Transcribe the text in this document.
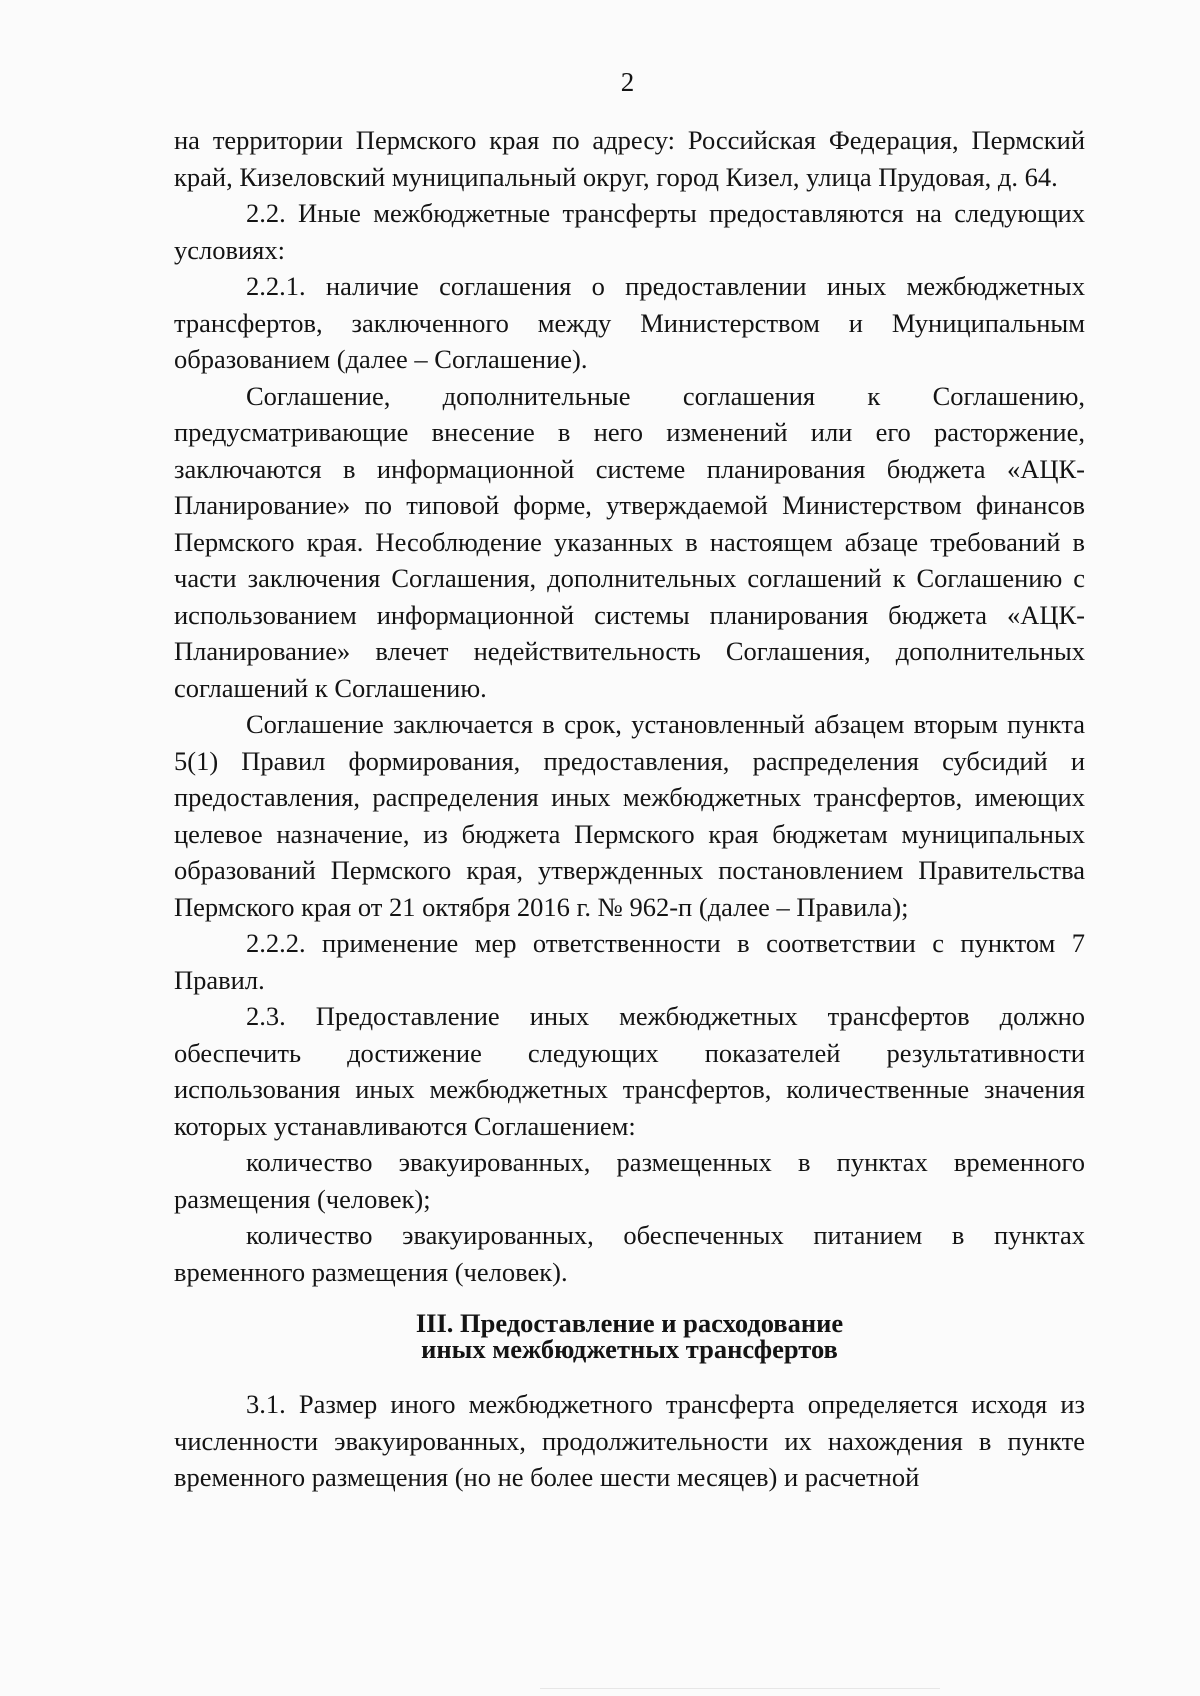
2

на территории Пермского края по адресу: Российская Федерация, Пермский край, Кизеловский муниципальный округ, город Кизел, улица Прудовая, д. 64.

2.2. Иные межбюджетные трансферты предоставляются на следующих условиях:

2.2.1. наличие соглашения о предоставлении иных межбюджетных трансфертов, заключенного между Министерством и Муниципальным образованием (далее – Соглашение).

Соглашение, дополнительные соглашения к Соглашению, предусматривающие внесение в него изменений или его расторжение, заключаются в информационной системе планирования бюджета «АЦК-Планирование» по типовой форме, утверждаемой Министерством финансов Пермского края. Несоблюдение указанных в настоящем абзаце требований в части заключения Соглашения, дополнительных соглашений к Соглашению с использованием информационной системы планирования бюджета «АЦК-Планирование» влечет недействительность Соглашения, дополнительных соглашений к Соглашению.

Соглашение заключается в срок, установленный абзацем вторым пункта 5(1) Правил формирования, предоставления, распределения субсидий и предоставления, распределения иных межбюджетных трансфертов, имеющих целевое назначение, из бюджета Пермского края бюджетам муниципальных образований Пермского края, утвержденных постановлением Правительства Пермского края от 21 октября 2016 г. № 962-п (далее – Правила);

2.2.2. применение мер ответственности в соответствии с пунктом 7 Правил.

2.3. Предоставление иных межбюджетных трансфертов должно обеспечить достижение следующих показателей результативности использования иных межбюджетных трансфертов, количественные значения которых устанавливаются Соглашением:

количество эвакуированных, размещенных в пунктах временного размещения (человек);

количество эвакуированных, обеспеченных питанием в пунктах временного размещения (человек).

III. Предоставление и расходование
иных межбюджетных трансфертов

3.1. Размер иного межбюджетного трансферта определяется исходя из численности эвакуированных, продолжительности их нахождения в пункте временного размещения (но не более шести месяцев) и расчетной
